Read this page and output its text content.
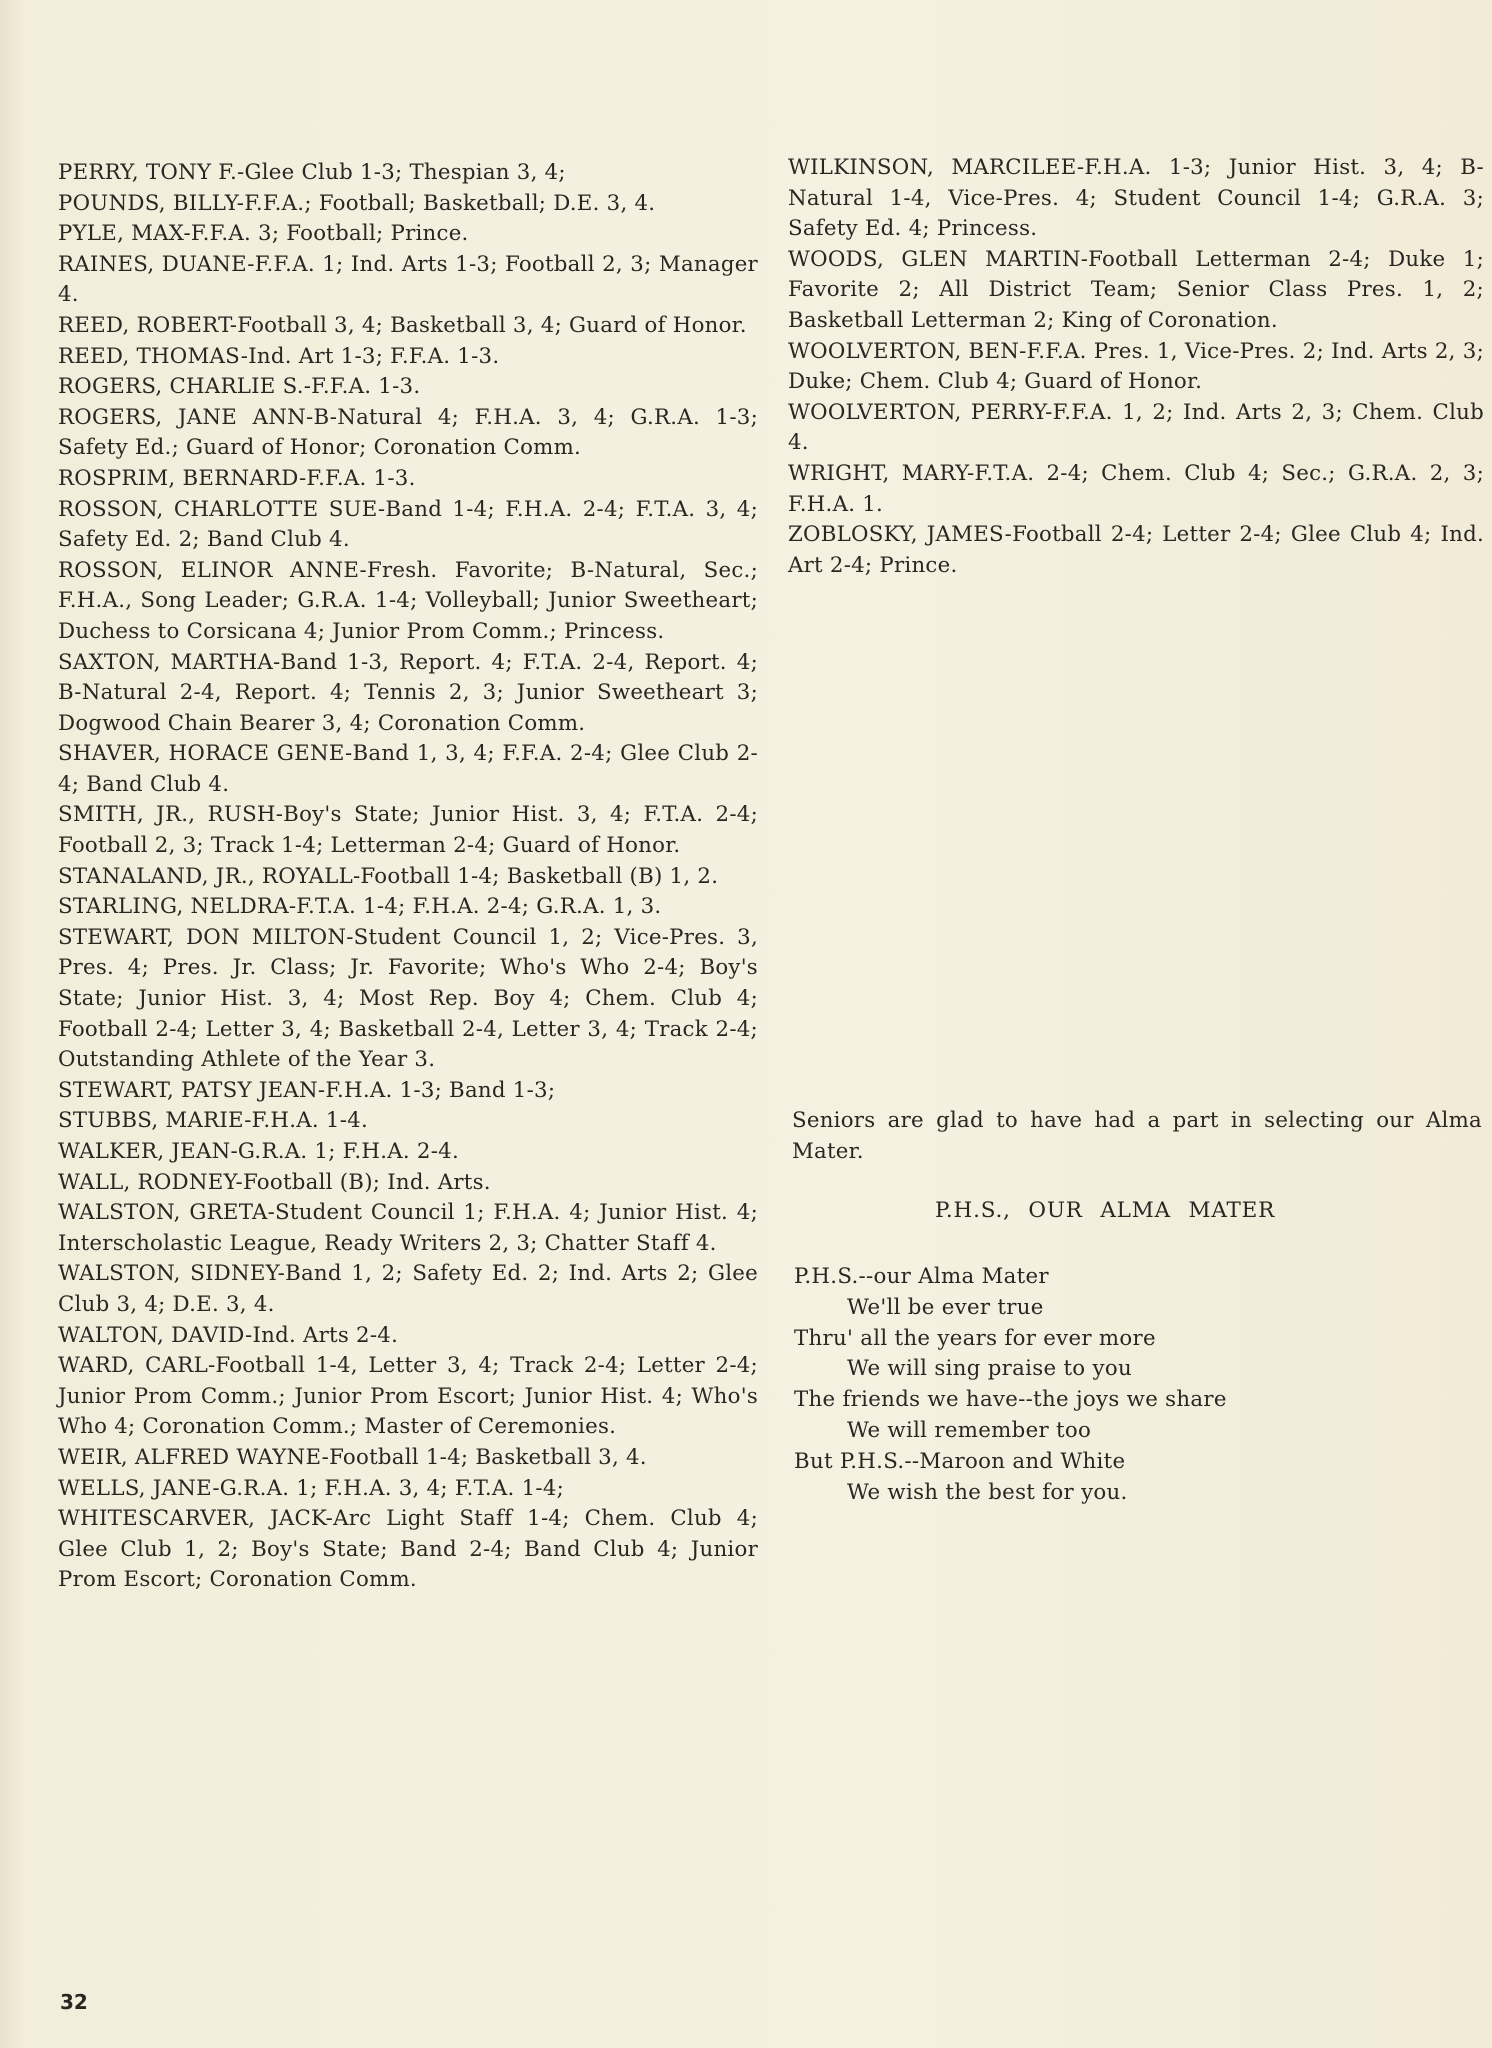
PERRY, TONY F.-Glee Club 1-3; Thespian 3, 4;

POUNDS, BILLY-F.F.A.; Football; Basketball; D.E. 3, 4.

PYLE, MAX-F.F.A. 3; Football; Prince.

RAINES, DUANE-F.F.A. 1; Ind. Arts 1-3; Football 2, 3; Manager 4.

REED, ROBERT-Football 3, 4; Basketball 3, 4; Guard of Honor.

REED, THOMAS-Ind. Art 1-3; F.F.A. 1-3.

ROGERS, CHARLIE S.-F.F.A. 1-3.

ROGERS, JANE ANN-B-Natural 4; F.H.A. 3, 4; G.R.A. 1-3; Safety Ed.; Guard of Honor; Coronation Comm.

ROSPRIM, BERNARD-F.F.A. 1-3.

ROSSON, CHARLOTTE SUE-Band 1-4; F.H.A. 2-4; F.T.A. 3, 4; Safety Ed. 2; Band Club 4.

ROSSON, ELINOR ANNE-Fresh. Favorite; B-Natural, Sec.; F.H.A., Song Leader; G.R.A. 1-4; Volleyball; Junior Sweetheart; Duchess to Corsicana 4; Junior Prom Comm.; Princess.

SAXTON, MARTHA-Band 1-3, Report. 4; F.T.A. 2-4, Report. 4; B-Natural 2-4, Report. 4; Tennis 2, 3; Junior Sweetheart 3; Dogwood Chain Bearer 3, 4; Coronation Comm.

SHAVER, HORACE GENE-Band 1, 3, 4; F.F.A. 2-4; Glee Club 2-4; Band Club 4.

SMITH, JR., RUSH-Boy's State; Junior Hist. 3, 4; F.T.A. 2-4; Football 2, 3; Track 1-4; Letterman 2-4; Guard of Honor.

STANALAND, JR., ROYALL-Football 1-4; Basketball (B) 1, 2.

STARLING, NELDRA-F.T.A. 1-4; F.H.A. 2-4; G.R.A. 1, 3.

STEWART, DON MILTON-Student Council 1, 2; Vice-Pres. 3, Pres. 4; Pres. Jr. Class; Jr. Favorite; Who's Who 2-4; Boy's State; Junior Hist. 3, 4; Most Rep. Boy 4; Chem. Club 4; Football 2-4; Letter 3, 4; Basketball 2-4, Letter 3, 4; Track 2-4; Outstanding Athlete of the Year 3.

STEWART, PATSY JEAN-F.H.A. 1-3; Band 1-3;

STUBBS, MARIE-F.H.A. 1-4.

WALKER, JEAN-G.R.A. 1; F.H.A. 2-4.

WALL, RODNEY-Football (B); Ind. Arts.

WALSTON, GRETA-Student Council 1; F.H.A. 4; Junior Hist. 4; Interscholastic League, Ready Writers 2, 3; Chatter Staff 4.

WALSTON, SIDNEY-Band 1, 2; Safety Ed. 2; Ind. Arts 2; Glee Club 3, 4; D.E. 3, 4.

WALTON, DAVID-Ind. Arts 2-4.

WARD, CARL-Football 1-4, Letter 3, 4; Track 2-4; Letter 2-4; Junior Prom Comm.; Junior Prom Escort; Junior Hist. 4; Who's Who 4; Coronation Comm.; Master of Ceremonies.

WEIR, ALFRED WAYNE-Football 1-4; Basketball 3, 4.

WELLS, JANE-G.R.A. 1; F.H.A. 3, 4; F.T.A. 1-4;

WHITESCARVER, JACK-Arc Light Staff 1-4; Chem. Club 4; Glee Club 1, 2; Boy's State; Band 2-4; Band Club 4; Junior Prom Escort; Coronation Comm.

WILKINSON, MARCILEE-F.H.A. 1-3; Junior Hist. 3, 4; B-Natural 1-4, Vice-Pres. 4; Student Council 1-4; G.R.A. 3; Safety Ed. 4; Princess.

WOODS, GLEN MARTIN-Football Letterman 2-4; Duke 1; Favorite 2; All District Team; Senior Class Pres. 1, 2; Basketball Letterman 2; King of Coronation.

WOOLVERTON, BEN-F.F.A. Pres. 1, Vice-Pres. 2; Ind. Arts 2, 3; Duke; Chem. Club 4; Guard of Honor.

WOOLVERTON, PERRY-F.F.A. 1, 2; Ind. Arts 2, 3; Chem. Club 4.

WRIGHT, MARY-F.T.A. 2-4; Chem. Club 4; Sec.; G.R.A. 2, 3; F.H.A. 1.

ZOBLOSKY, JAMES-Football 2-4; Letter 2-4; Glee Club 4; Ind. Art 2-4; Prince.

Seniors are glad to have had a part in selecting our Alma Mater.
P.H.S., OUR ALMA MATER
P.H.S.--our Alma Mater
We'll be ever true
Thru' all the years for ever more
We will sing praise to you
The friends we have--the joys we share
We will remember too
But P.H.S.--Maroon and White
We wish the best for you.
32
